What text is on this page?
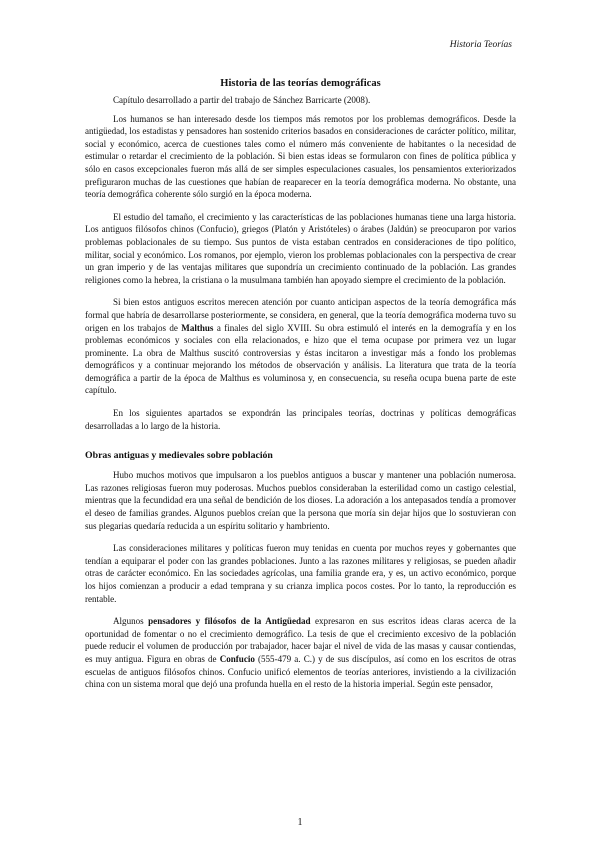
Historia Teorías
Historia de las teorías demográficas

Capítulo desarrollado a partir del trabajo de Sánchez Barricarte (2008).

Los humanos se han interesado desde los tiempos más remotos por los problemas demográficos. Desde la antigüedad, los estadistas y pensadores han sostenido criterios basados en consideraciones de carácter político, militar, social y económico, acerca de cuestiones tales como el número más conveniente de habitantes o la necesidad de estimular o retardar el crecimiento de la población. Si bien estas ideas se formularon con fines de política pública y sólo en casos excepcionales fueron más allá de ser simples especulaciones casuales, los pensamientos exteriorizados prefiguraron muchas de las cuestiones que habían de reaparecer en la teoría demográfica moderna. No obstante, una teoría demográfica coherente sólo surgió en la época moderna.

El estudio del tamaño, el crecimiento y las características de las poblaciones humanas tiene una larga historia. Los antiguos filósofos chinos (Confucio), griegos (Platón y Aristóteles) o árabes (Jaldún) se preocuparon por varios problemas poblacionales de su tiempo. Sus puntos de vista estaban centrados en consideraciones de tipo político, militar, social y económico. Los romanos, por ejemplo, vieron los problemas poblacionales con la perspectiva de crear un gran imperio y de las ventajas militares que supondría un crecimiento continuado de la población. Las grandes religiones como la hebrea, la cristiana o la musulmana también han apoyado siempre el crecimiento de la población.

Si bien estos antiguos escritos merecen atención por cuanto anticipan aspectos de la teoría demográfica más formal que habría de desarrollarse posteriormente, se considera, en general, que la teoría demográfica moderna tuvo su origen en los trabajos de Malthus a finales del siglo XVIII. Su obra estimuló el interés en la demografía y en los problemas económicos y sociales con ella relacionados, e hizo que el tema ocupase por primera vez un lugar prominente. La obra de Malthus suscitó controversias y éstas incitaron a investigar más a fondo los problemas demográficos y a continuar mejorando los métodos de observación y análisis. La literatura que trata de la teoría demográfica a partir de la época de Malthus es voluminosa y, en consecuencia, su reseña ocupa buena parte de este capítulo.

En los siguientes apartados se expondrán las principales teorías, doctrinas y políticas demográficas desarrolladas a lo largo de la historia.

Obras antiguas y medievales sobre población

Hubo muchos motivos que impulsaron a los pueblos antiguos a buscar y mantener una población numerosa. Las razones religiosas fueron muy poderosas. Muchos pueblos consideraban la esterilidad como un castigo celestial, mientras que la fecundidad era una señal de bendición de los dioses. La adoración a los antepasados tendía a promover el deseo de familias grandes. Algunos pueblos creían que la persona que moría sin dejar hijos que lo sostuvieran con sus plegarias quedaría reducida a un espíritu solitario y hambriento.

Las consideraciones militares y políticas fueron muy tenidas en cuenta por muchos reyes y gobernantes que tendían a equiparar el poder con las grandes poblaciones. Junto a las razones militares y religiosas, se pueden añadir otras de carácter económico. En las sociedades agrícolas, una familia grande era, y es, un activo económico, porque los hijos comienzan a producir a edad temprana y su crianza implica pocos costes. Por lo tanto, la reproducción es rentable.

Algunos pensadores y filósofos de la Antigüedad expresaron en sus escritos ideas claras acerca de la oportunidad de fomentar o no el crecimiento demográfico. La tesis de que el crecimiento excesivo de la población puede reducir el volumen de producción por trabajador, hacer bajar el nivel de vida de las masas y causar contiendas, es muy antigua. Figura en obras de Confucio (555-479 a. C.) y de sus discípulos, así como en los escritos de otras escuelas de antiguos filósofos chinos. Confucio unificó elementos de teorías anteriores, invistiendo a la civilización china con un sistema moral que dejó una profunda huella en el resto de la historia imperial. Según este pensador,

1
